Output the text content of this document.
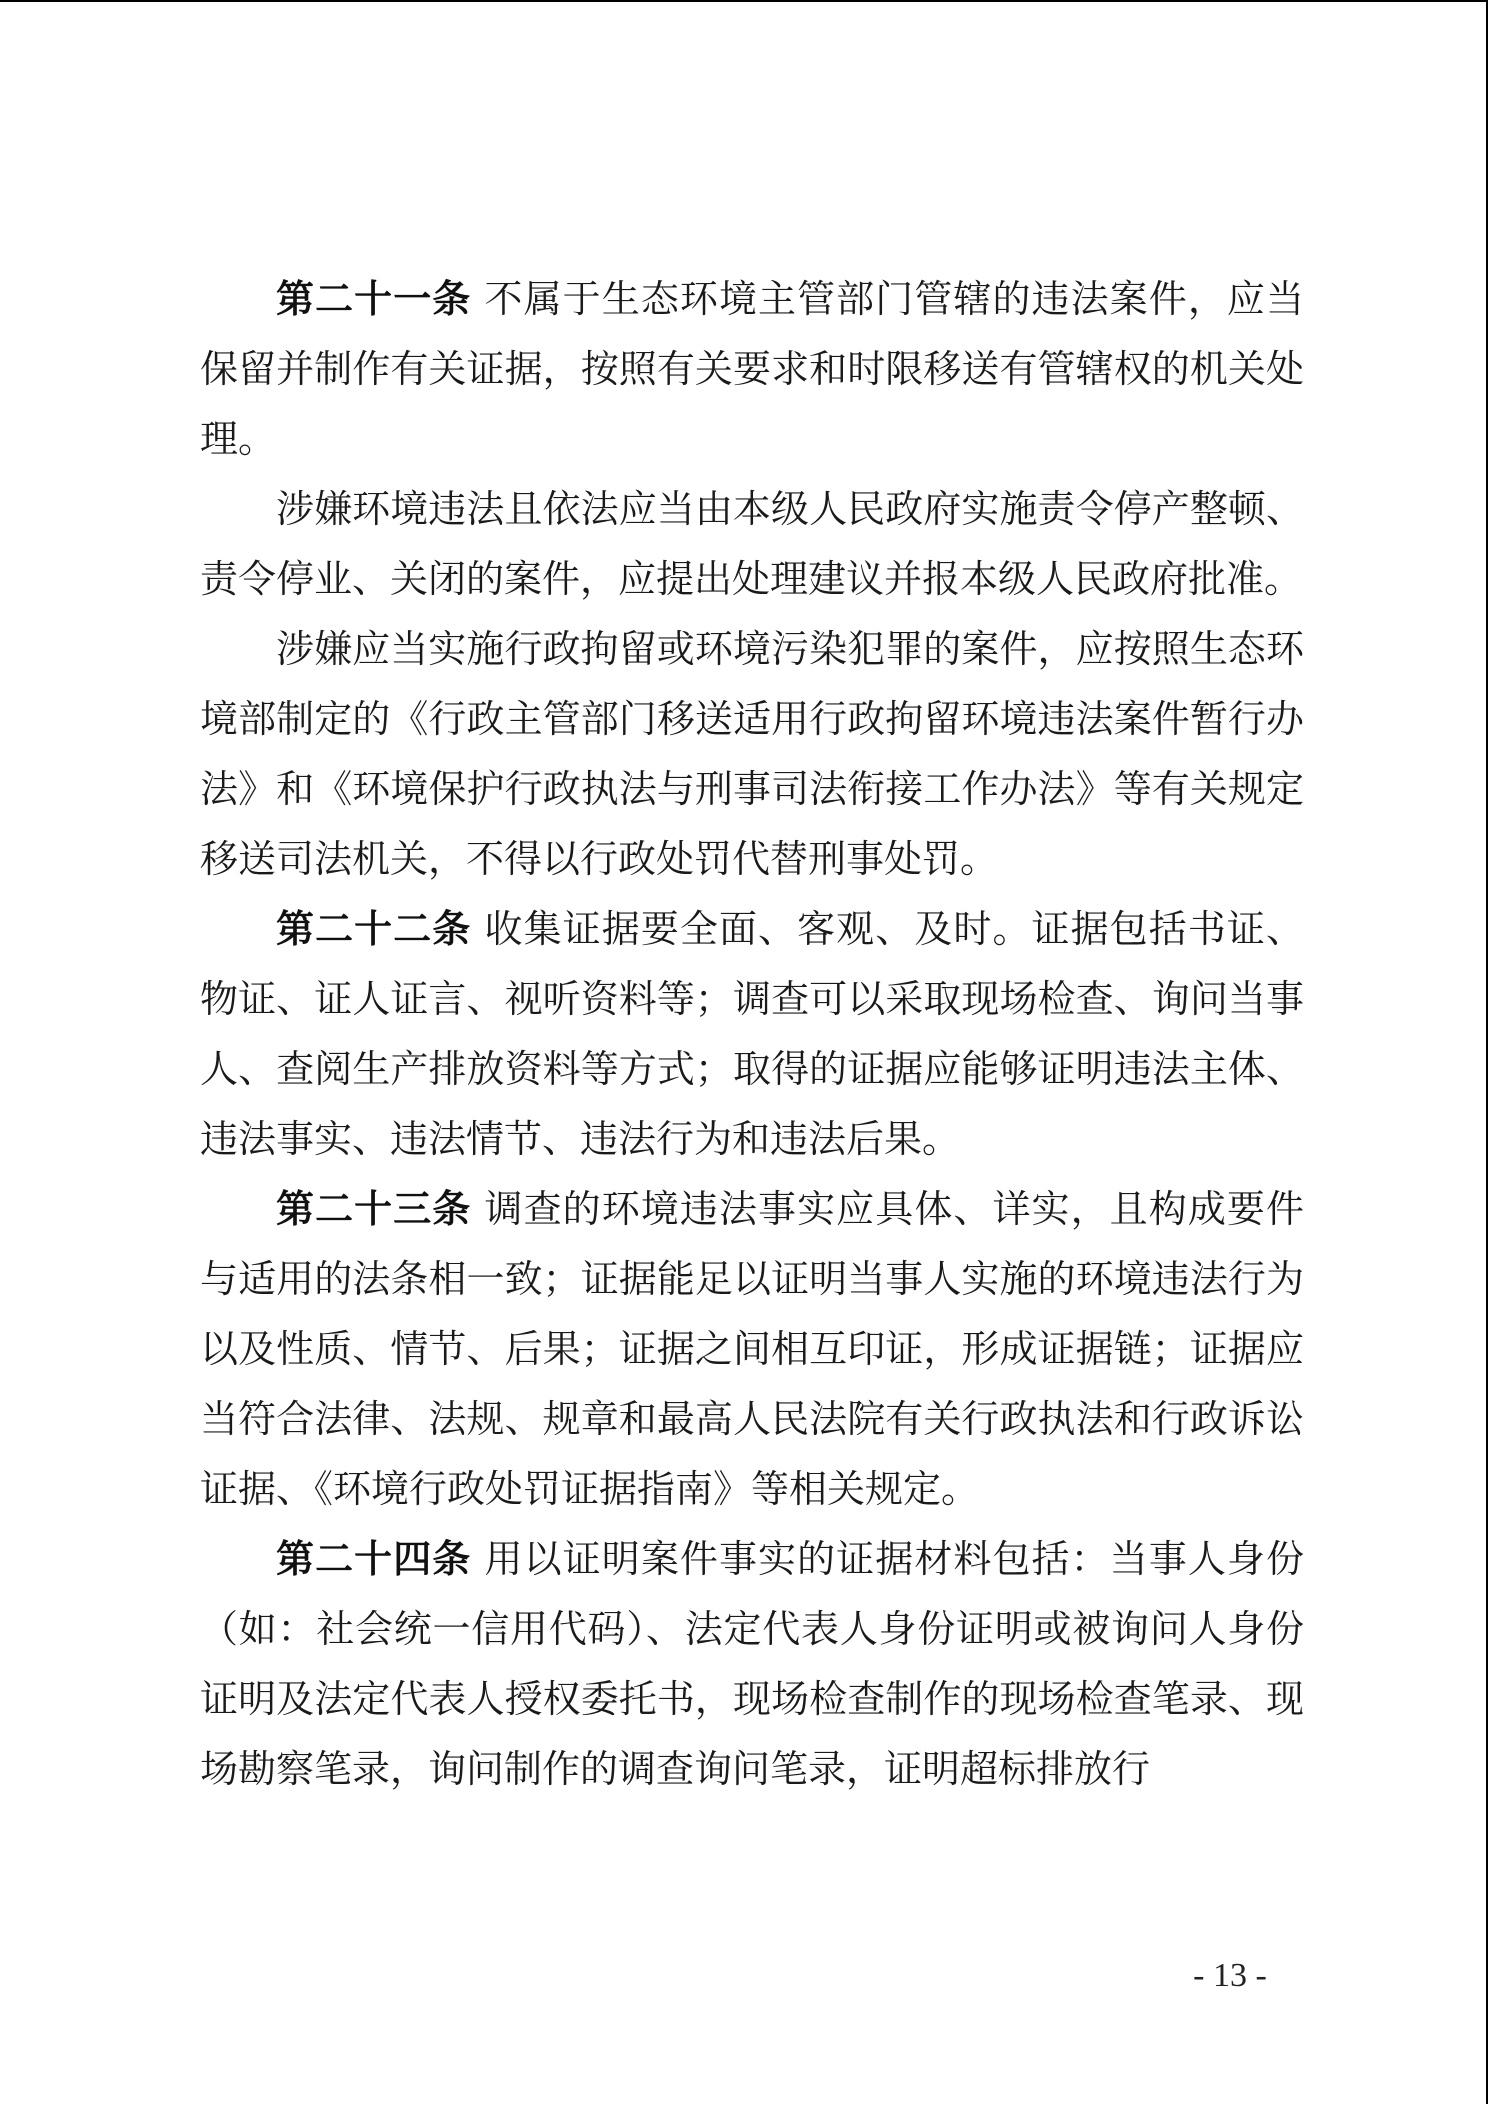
第二十一条 不属于生态环境主管部门管辖的违法案件，应当保留并制作有关证据，按照有关要求和时限移送有管辖权的机关处理。

涉嫌环境违法且依法应当由本级人民政府实施责令停产整顿、责令停业、关闭的案件，应提出处理建议并报本级人民政府批准。

涉嫌应当实施行政拘留或环境污染犯罪的案件，应按照生态环境部制定的《行政主管部门移送适用行政拘留环境违法案件暂行办法》和《环境保护行政执法与刑事司法衔接工作办法》等有关规定移送司法机关，不得以行政处罚代替刑事处罚。

第二十二条 收集证据要全面、客观、及时。证据包括书证、物证、证人证言、视听资料等；调查可以采取现场检查、询问当事人、查阅生产排放资料等方式；取得的证据应能够证明违法主体、违法事实、违法情节、违法行为和违法后果。

第二十三条 调查的环境违法事实应具体、详实，且构成要件与适用的法条相一致；证据能足以证明当事人实施的环境违法行为以及性质、情节、后果；证据之间相互印证，形成证据链；证据应当符合法律、法规、规章和最高人民法院有关行政执法和行政诉讼证据、《环境行政处罚证据指南》等相关规定。

第二十四条 用以证明案件事实的证据材料包括：当事人身份（如：社会统一信用代码）、法定代表人身份证明或被询问人身份证明及法定代表人授权委托书，现场检查制作的现场检查笔录、现场勘察笔录，询问制作的调查询问笔录，证明超标排放行

- 13 -
